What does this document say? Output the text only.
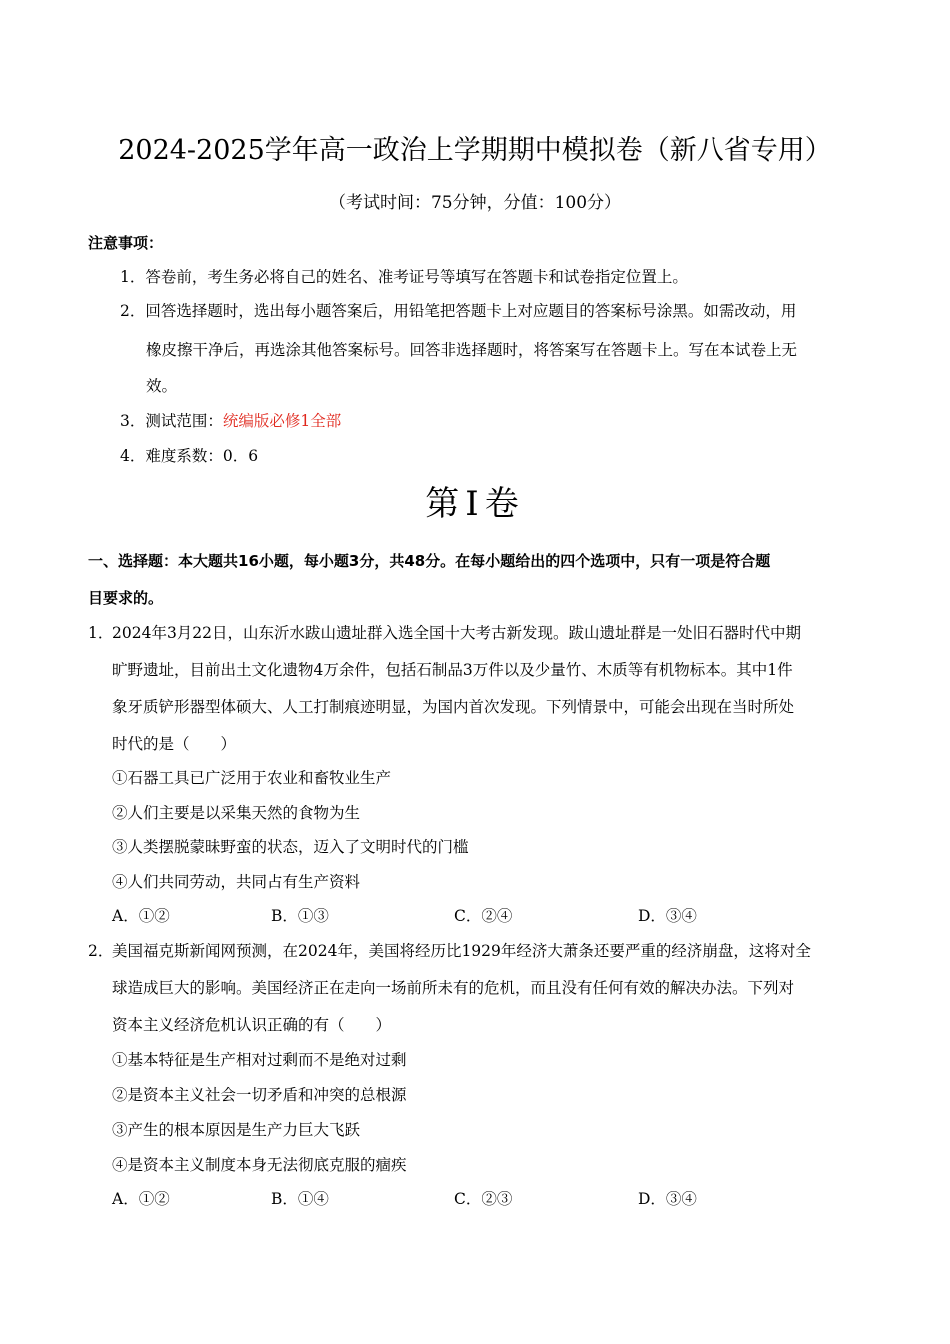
2024-2025学年高一政治上学期期中模拟卷（新八省专用）
（考试时间：75分钟，分值：100分）
注意事项：
1．答卷前，考生务必将自己的姓名、准考证号等填写在答题卡和试卷指定位置上。
2．回答选择题时，选出每小题答案后，用铅笔把答题卡上对应题目的答案标号涂黑。如需改动，用
橡皮擦干净后，再选涂其他答案标号。回答非选择题时，将答案写在答题卡上。写在本试卷上无
效。
3．测试范围：统编版必修1全部
4．难度系数：0．6
第Ⅰ卷
一、选择题：本大题共16小题，每小题3分，共48分。在每小题给出的四个选项中，只有一项是符合题
目要求的。
1．
2024年3月22日，山东沂水跋山遗址群入选全国十大考古新发现。跋山遗址群是一处旧石器时代中期
旷野遗址，目前出土文化遗物4万余件，包括石制品3万件以及少量竹、木质等有机物标本。其中1件
象牙质铲形器型体硕大、人工打制痕迹明显，为国内首次发现。下列情景中，可能会出现在当时所处
时代的是（　　）
①石器工具已广泛用于农业和畜牧业生产
②人们主要是以采集天然的食物为生
③人类摆脱蒙昧野蛮的状态，迈入了文明时代的门槛
④人们共同劳动，共同占有生产资料
A．①②	B．①③	C．②④	D．③④
2．
美国福克斯新闻网预测，在2024年，美国将经历比1929年经济大萧条还要严重的经济崩盘，这将对全
球造成巨大的影响。美国经济正在走向一场前所未有的危机，而且没有任何有效的解决办法。下列对
资本主义经济危机认识正确的有（　　）
①基本特征是生产相对过剩而不是绝对过剩
②是资本主义社会一切矛盾和冲突的总根源
③产生的根本原因是生产力巨大飞跃
④是资本主义制度本身无法彻底克服的痼疾
A．①②	B．①④	C．②③	D．③④
